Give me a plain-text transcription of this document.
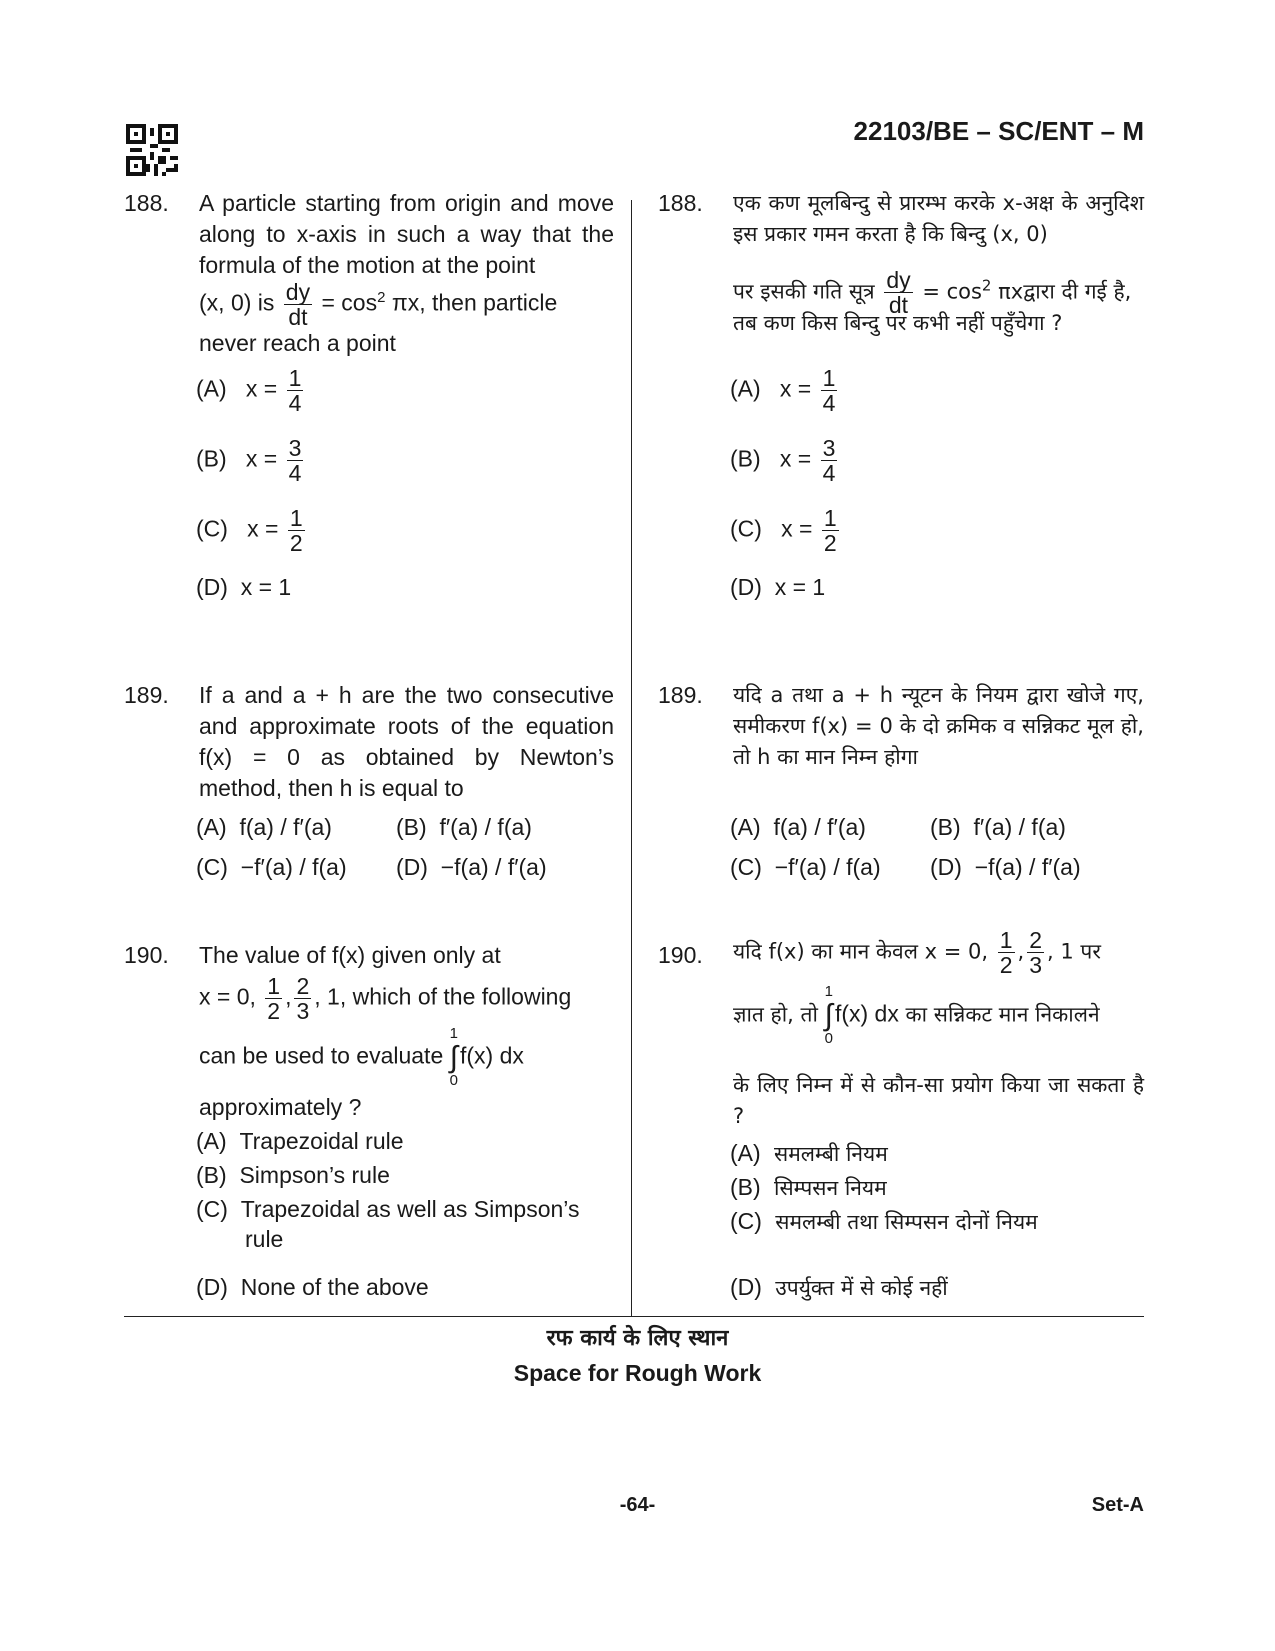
22103/BE – SC/ENT – M
188. A particle starting from origin and move along to x-axis in such a way that the formula of the motion at the point
(x, 0) is $\frac{dy}{dt} = \cos^2 \pi x$, then particle
never reach a point
(A) $x = \frac{1}{4}$
(B) $x = \frac{3}{4}$
(C) $x = \frac{1}{2}$
(D) x = 1
189. If a and a + h are the two consecutive and approximate roots of the equation f(x) = 0 as obtained by Newton’s method, then h is equal to
(A) f(a) / f′(a)	(B) f′(a) / f(a)
(C) −f′(a) / f(a) (D) −f(a) / f′(a)
190. The value of f(x) given only at
x = 0, $\frac{1}{2}$ , $\frac{2}{3}$ , 1, which of the following
can be used to evaluate 1
∫
0f(x) dx
approximately ?
(A) Trapezoidal rule
(B) Simpson’s rule
(C) Trapezoidal as well as Simpson’s
rule
(D) None of the above
188. एक कण मूलबिन्दु से प्रारम्भ करके x-अक्ष के अनुदिश इस प्रकार गमन करता है कि बिन्दु (x, 0)
पर इसकी गति सूत्र $\frac{dy}{dt} = \cos^2$ πxद्वारा दी गई है,
तब कण किस बिन्दु पर कभी नहीं पहुँचेगा ?
(A) $x = \frac{1}{4}$
(B) $x = \frac{3}{4}$
(C) $x = \frac{1}{2}$
(D) x = 1
189. यदि a तथा a + h न्यूटन के नियम द्वारा खोजे गए, समीकरण f(x) = 0 के दो क्रमिक व सन्निकट मूल हो, तो h का मान निम्न होगा
(A) f(a) / f′(a)	(B) f′(a) / f(a)
(C) −f′(a) / f(a) (D) −f(a) / f′(a)
190. यदि f(x) का मान केवल x = 0, $\frac{1}{2}$ , $\frac{2}{3}$ , 1 पर
ज्ञात हो, तो 1
∫
0f(x) dx का सन्निकट मान निकालने
के लिए निम्न में से कौन-सा प्रयोग किया जा सकता है ?
(A) समलम्बी नियम
(B) सिम्पसन नियम
(C) समलम्बी तथा सिम्पसन दोनों नियम
(D) उपर्युक्त में से कोई नहीं
रफ कार्य के लिए स्थान
Space for Rough Work
-64-	Set-A
